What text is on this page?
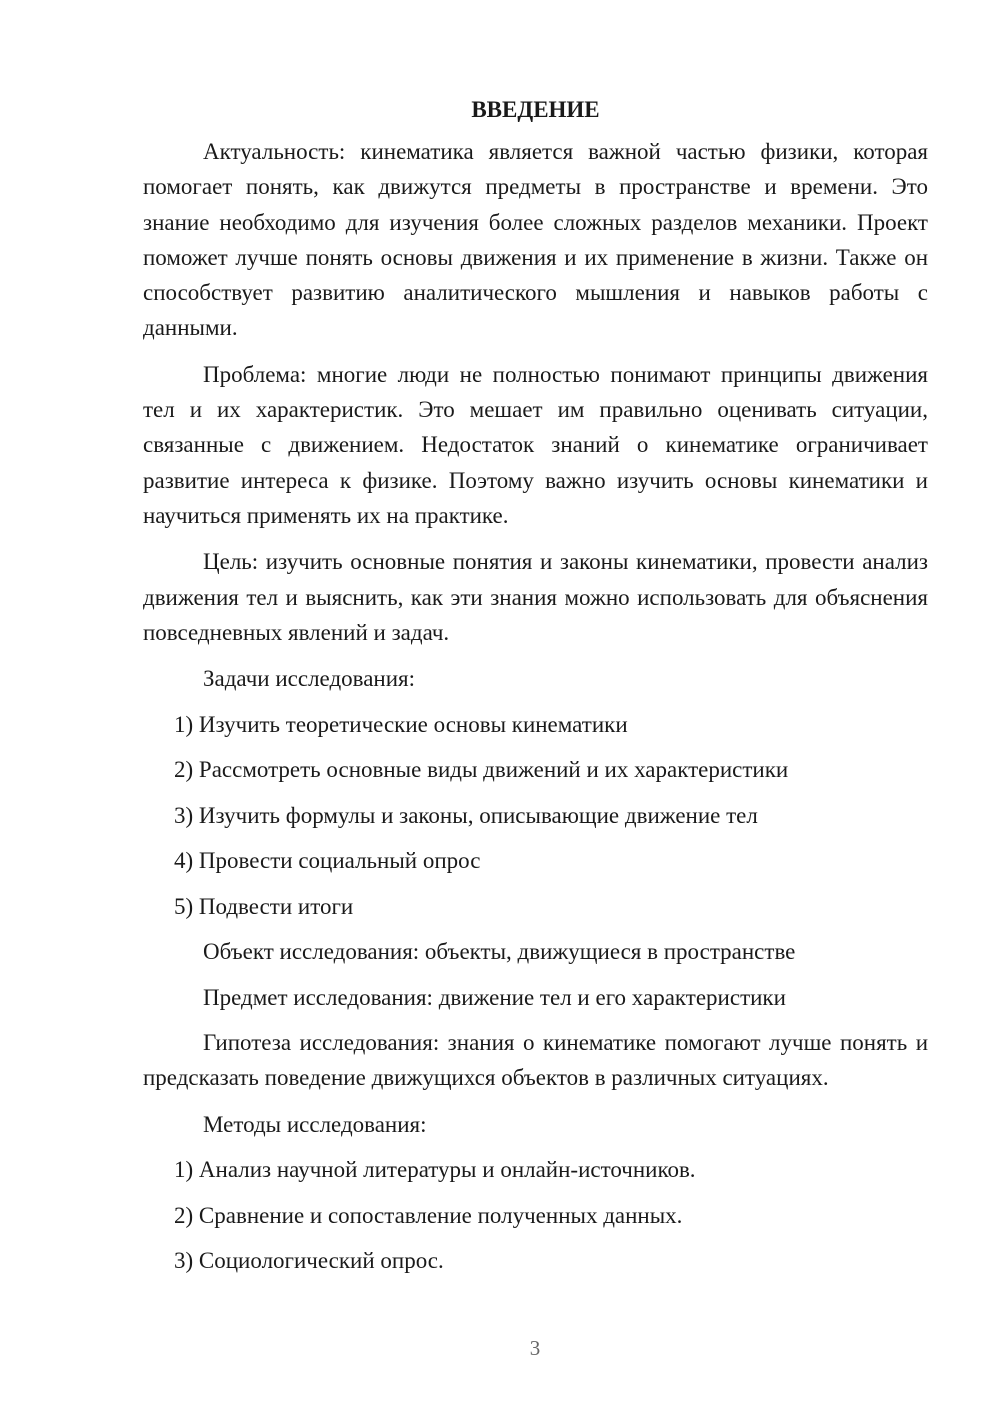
ВВЕДЕНИЕ

Актуальность: кинематика является важной частью физики, которая помогает понять, как движутся предметы в пространстве и времени. Это знание необходимо для изучения более сложных разделов механики. Проект поможет лучше понять основы движения и их применение в жизни. Также он способствует развитию аналитического мышления и навыков работы с данными.

Проблема: многие люди не полностью понимают принципы движения тел и их характеристик. Это мешает им правильно оценивать ситуации, связанные с движением. Недостаток знаний о кинематике ограничивает развитие интереса к физике. Поэтому важно изучить основы кинематики и научиться применять их на практике.

Цель: изучить основные понятия и законы кинематики, провести анализ движения тел и выяснить, как эти знания можно использовать для объяснения повседневных явлений и задач.

Задачи исследования:
1) Изучить теоретические основы кинематики
2) Рассмотреть основные виды движений и их характеристики
3) Изучить формулы и законы, описывающие движение тел
4) Провести социальный опрос
5) Подвести итоги
Объект исследования: объекты, движущиеся в пространстве
Предмет исследования: движение тел и его характеристики

Гипотеза исследования: знания о кинематике помогают лучше понять и предсказать поведение движущихся объектов в различных ситуациях.

Методы исследования:
1) Анализ научной литературы и онлайн-источников.
2) Сравнение и сопоставление полученных данных.
3) Социологический опрос.
3
